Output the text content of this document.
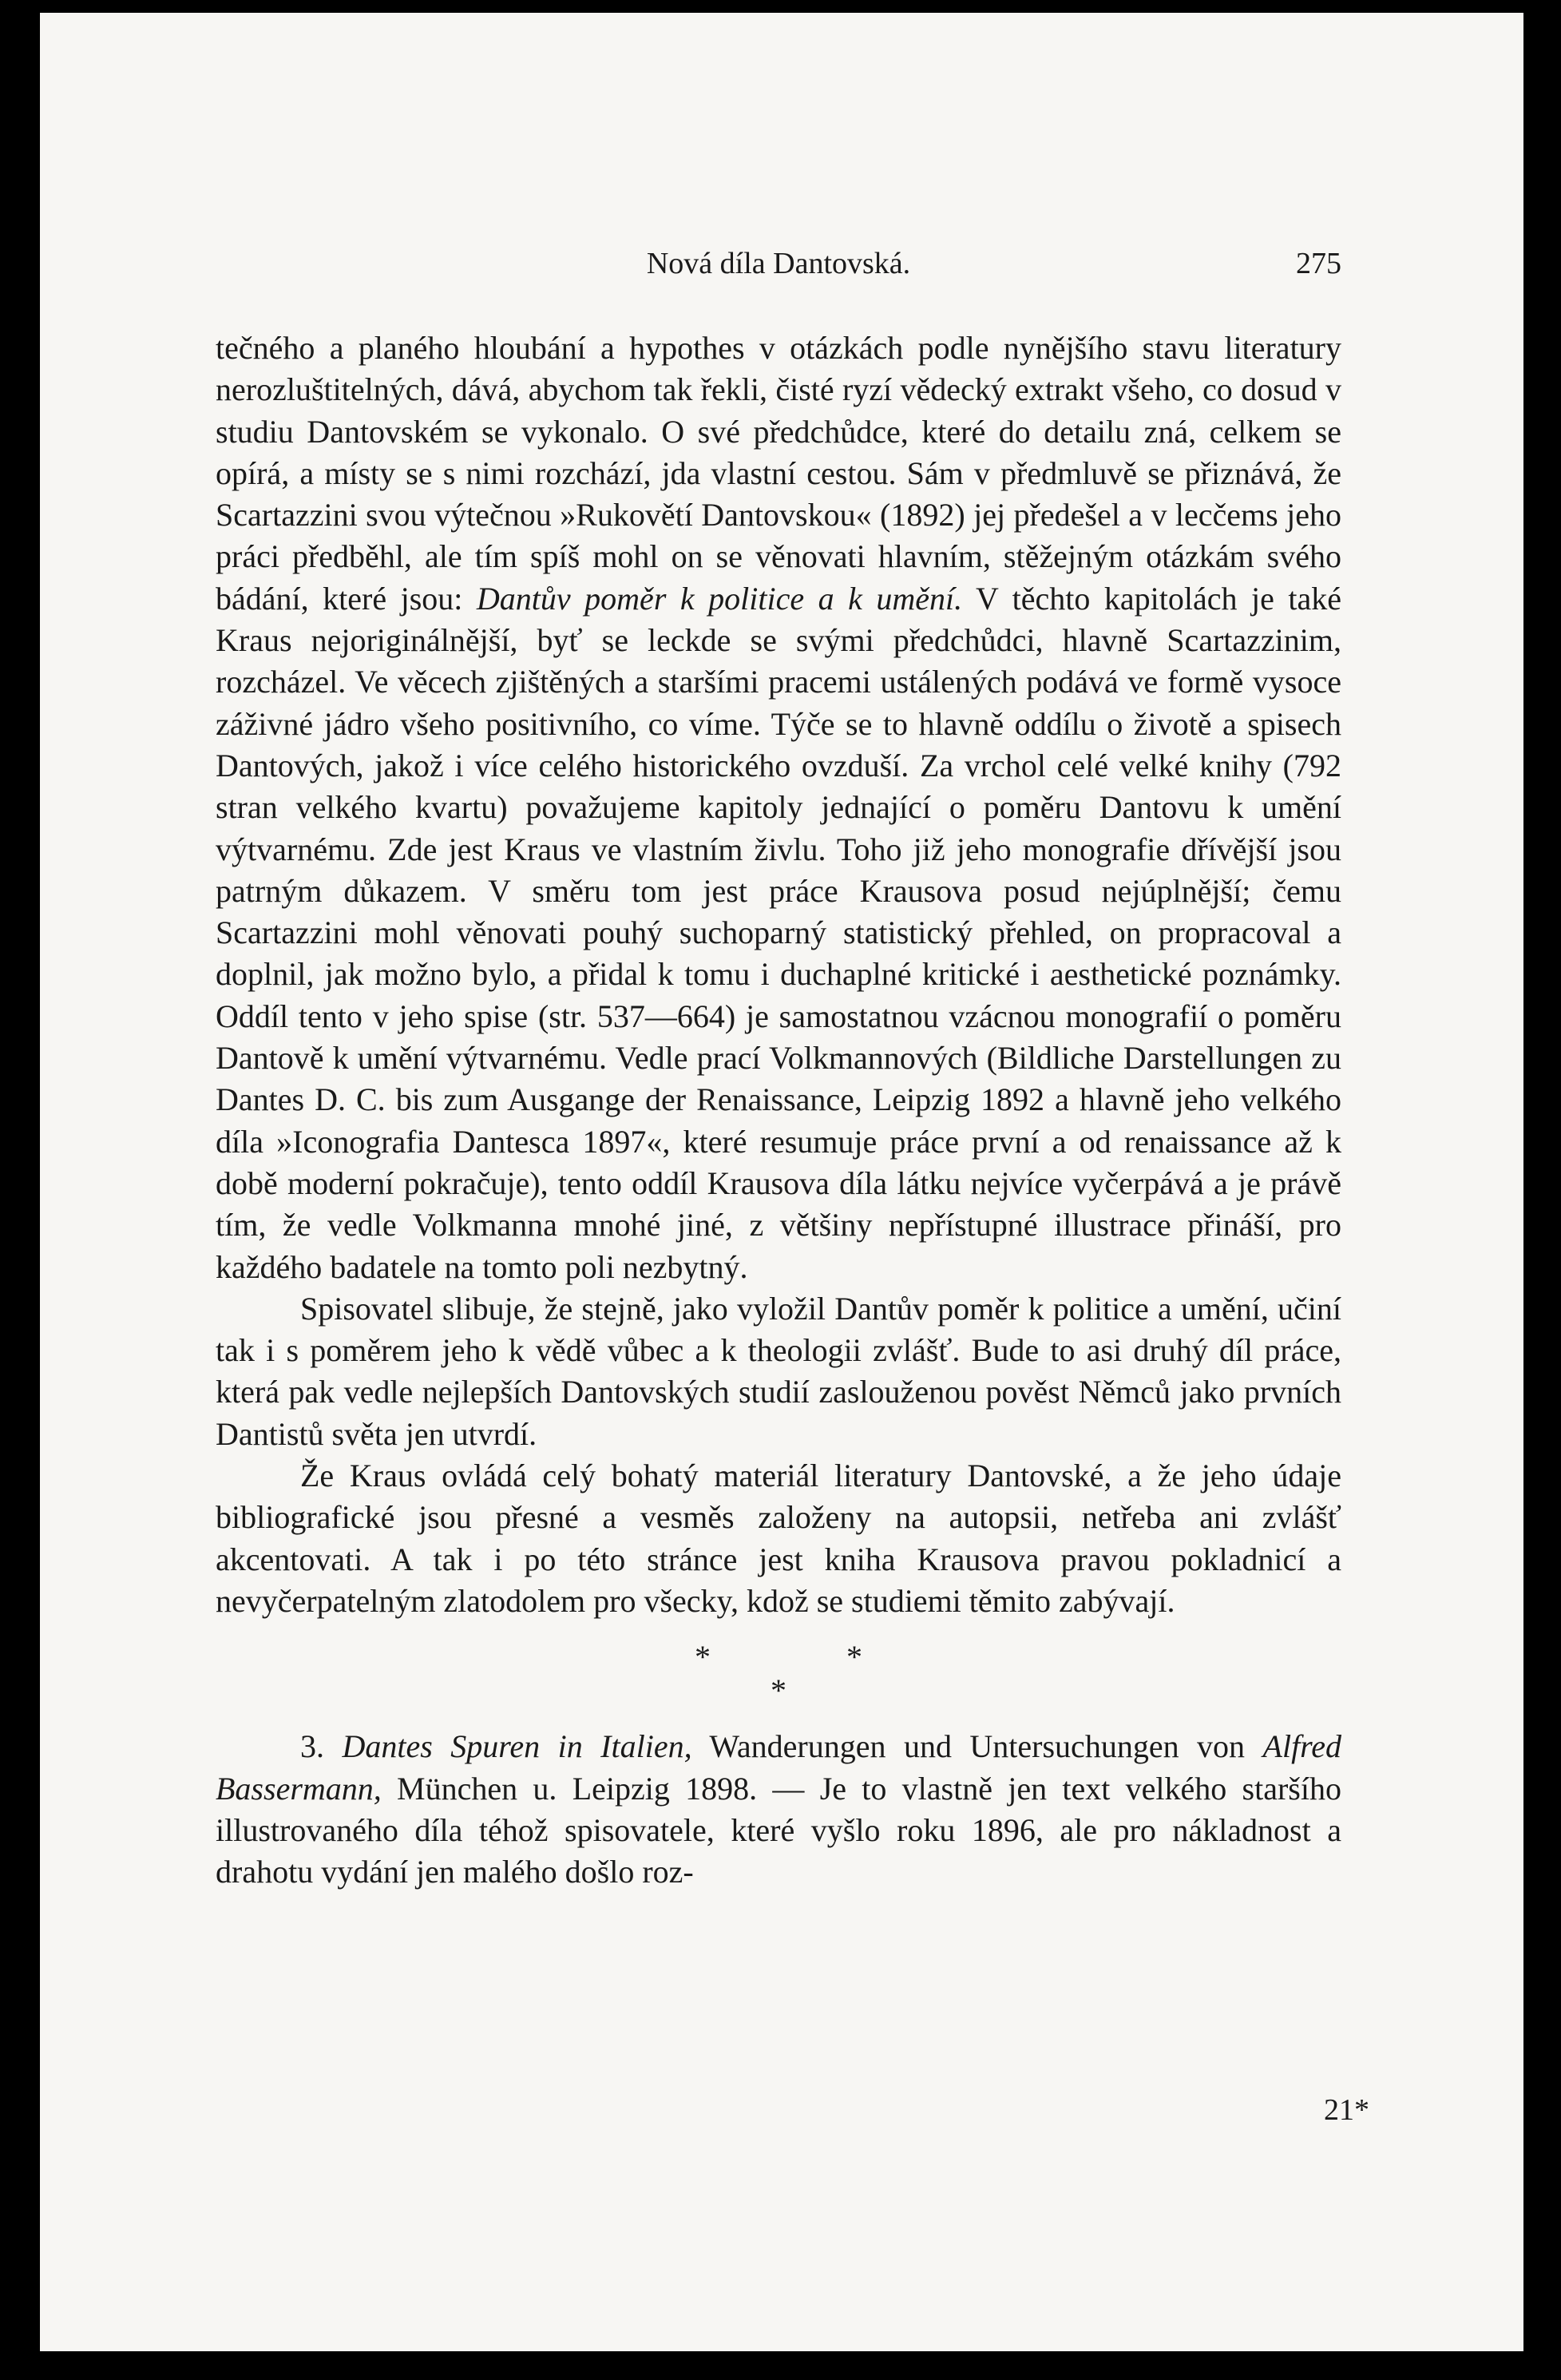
Nová díla Dantovská.	275

tečného a planého hloubání a hypothes v otázkách podle nynějšího stavu literatury nerozluštitelných, dává, abychom tak řekli, čisté ryzí vědecký extrakt všeho, co dosud v studiu Dantovském se vykonalo. O své předchůdce, které do detailu zná, celkem se opírá, a místy se s nimi rozchází, jda vlastní cestou. Sám v předmluvě se přiznává, že Scartazzini svou výtečnou »Rukovětí Dantovskou« (1892) jej předešel a v lecčems jeho práci předběhl, ale tím spíš mohl on se věnovati hlavním, stěžejným otázkám svého bádání, které jsou: Dantův poměr k politice a k umění. V těchto kapitolách je také Kraus nejoriginálnější, byť se leckde se svými předchůdci, hlavně Scartazzinim, rozcházel. Ve věcech zjištěných a staršími pracemi ustálených podává ve formě vysoce záživné jádro všeho positivního, co víme. Týče se to hlavně oddílu o životě a spisech Dantových, jakož i více celého historického ovzduší. Za vrchol celé velké knihy (792 stran velkého kvartu) považujeme kapitoly jednající o poměru Dantovu k umění výtvarnému. Zde jest Kraus ve vlastním živlu. Toho již jeho monografie dřívější jsou patrným důkazem. V směru tom jest práce Krausova posud nejúplnější; čemu Scartazzini mohl věnovati pouhý suchoparný statistický přehled, on propracoval a doplnil, jak možno bylo, a přidal k tomu i duchaplné kritické i aesthetické poznámky. Oddíl tento v jeho spise (str. 537—664) je samostatnou vzácnou monografií o poměru Dantově k umění výtvarnému. Vedle prací Volkmannových (Bildliche Darstellungen zu Dantes D. C. bis zum Ausgange der Renaissance, Leipzig 1892 a hlavně jeho velkého díla »Iconografia Dantesca 1897«, které resumuje práce první a od renaissance až k době moderní pokračuje), tento oddíl Krausova díla látku nejvíce vyčerpává a je právě tím, že vedle Volkmanna mnohé jiné, z většiny nepřístupné illustrace přináší, pro každého badatele na tomto poli nezbytný.

Spisovatel slibuje, že stejně, jako vyložil Dantův poměr k politice a umění, učiní tak i s poměrem jeho k vědě vůbec a k theologii zvlášť. Bude to asi druhý díl práce, která pak vedle nejlepších Dantovských studií zaslouženou pověst Němců jako prvních Dantistů světa jen utvrdí.

Že Kraus ovládá celý bohatý materiál literatury Dantovské, a že jeho údaje bibliografické jsou přesné a vesměs založeny na autopsii, netřeba ani zvlášť akcentovati. A tak i po této stránce jest kniha Krausova pravou pokladnicí a nevyčerpatelným zlatodolem pro všecky, kdož se studiemi těmito zabývají.

*	*
*

3. Dantes Spuren in Italien, Wanderungen und Untersuchungen von Alfred Bassermann, München u. Leipzig 1898. — Je to vlastně jen text velkého staršího illustrovaného díla téhož spisovatele, které vyšlo roku 1896, ale pro nákladnost a drahotu vydání jen malého došlo roz-

21*
